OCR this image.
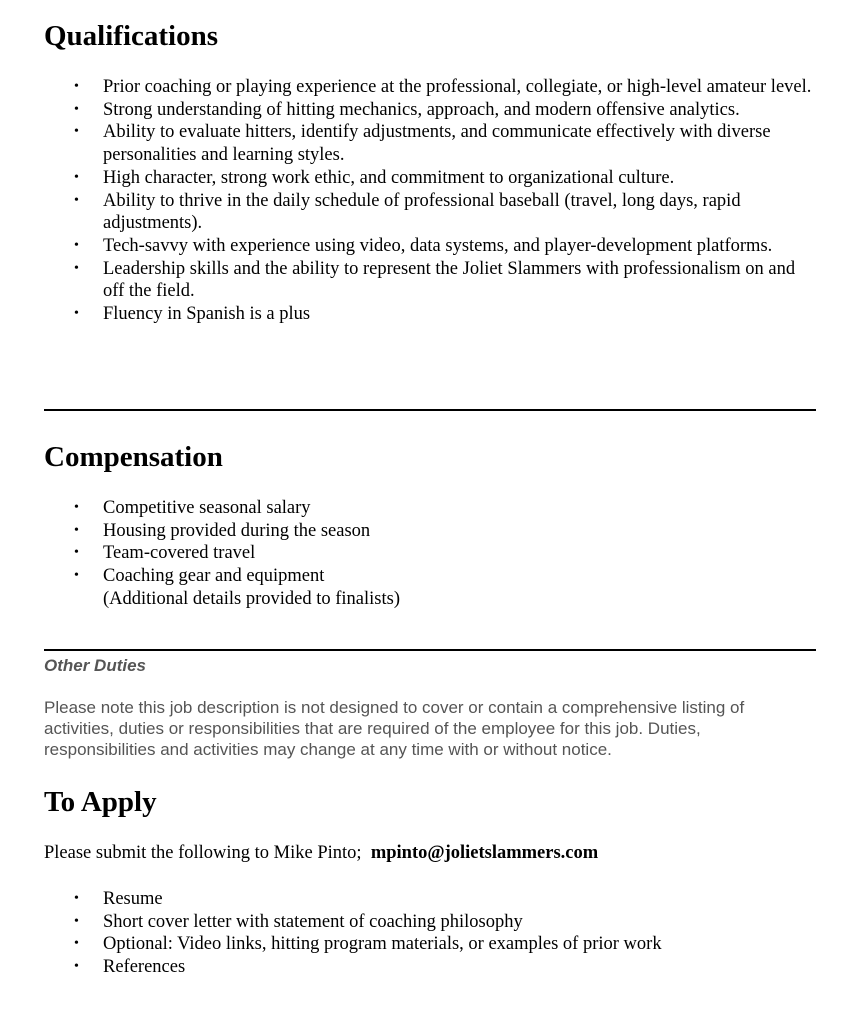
Qualifications
• Prior coaching or playing experience at the professional, collegiate, or high-level amateur level.
• Strong understanding of hitting mechanics, approach, and modern offensive analytics.
• Ability to evaluate hitters, identify adjustments, and communicate effectively with diverse personalities and learning styles.
• High character, strong work ethic, and commitment to organizational culture.
• Ability to thrive in the daily schedule of professional baseball (travel, long days, rapid adjustments).
• Tech-savvy with experience using video, data systems, and player-development platforms.
• Leadership skills and the ability to represent the Joliet Slammers with professionalism on and off the field.
• Fluency in Spanish is a plus
Compensation
• Competitive seasonal salary
• Housing provided during the season
• Team-covered travel
• Coaching gear and equipment
(Additional details provided to finalists)
Other Duties
Please note this job description is not designed to cover or contain a comprehensive listing of activities, duties or responsibilities that are required of the employee for this job. Duties, responsibilities and activities may change at any time with or without notice.
To Apply
Please submit the following to Mike Pinto; mpinto@jolietslammers.com
• Resume
• Short cover letter with statement of coaching philosophy
• Optional: Video links, hitting program materials, or examples of prior work
• References
